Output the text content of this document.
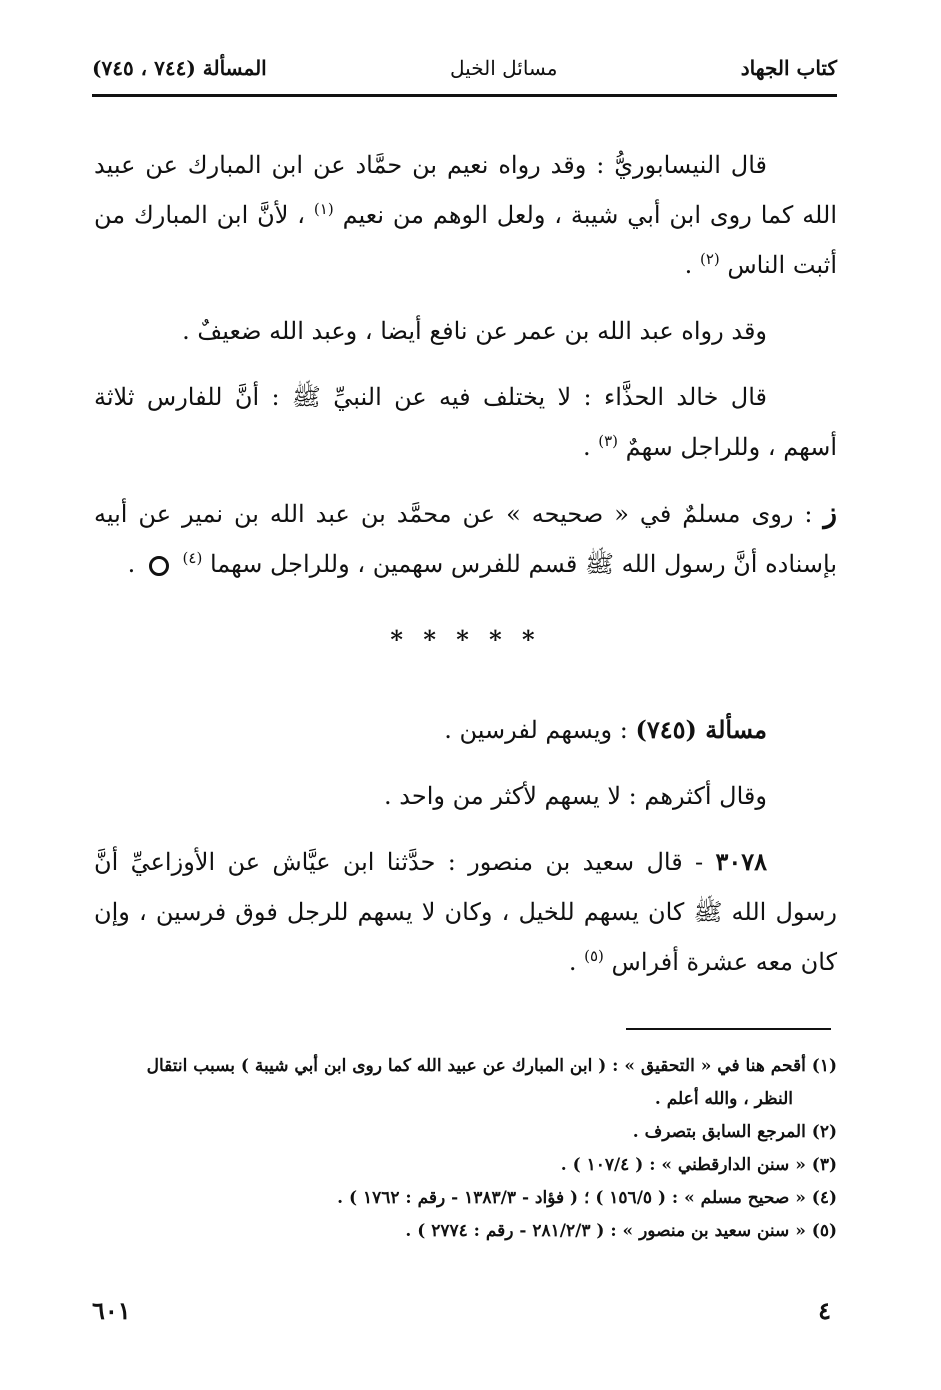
كتاب الجهاد
مسائل الخيل
المسألة (٧٤٤ ، ٧٤٥)

قال النيسابوريُّ : وقد رواه نعيم بن حمَّاد عن ابن المبارك عن عبيد الله كما روى ابن أبي شيبة ، ولعل الوهم من نعيم $^{(١)}$ ، لأنَّ ابن المبارك من أثبت الناس $^{(٢)}$ .

وقد رواه عبد الله بن عمر عن نافع أيضا ، وعبد الله ضعيفٌ .

قال خالد الحذَّاء : لا يختلف فيه عن النبيِّ ﷺ : أنَّ للفارس ثلاثة أسهم ، وللراجل سهمٌ $^{(٣)}$ .

ز : روى مسلمٌ في « صحيحه » عن محمَّد بن عبد الله بن نمير عن أبيه بإسناده أنَّ رسول الله ﷺ قسم للفرس سهمين ، وللراجل سهما $^{(٤)}$  .

* * * * *

مسألة (٧٤٥) : ويسهم لفرسين .

وقال أكثرهم : لا يسهم لأكثر من واحد .

٣٠٧٨ - قال سعيد بن منصور : حدَّثنا ابن عيَّاش عن الأوزاعيِّ أنَّ رسول الله ﷺ كان يسهم للخيل ، وكان لا يسهم للرجل فوق فرسين ، وإن كان معه عشرة أفراس $^{(٥)}$ .

(١) أقحم هنا في « التحقيق » : ( ابن المبارك عن عبيد الله كما روى ابن أبي شيبة ) بسبب انتقال
النظر ، والله أعلم .
(٢) المرجع السابق بتصرف .
(٣) « سنن الدارقطني » : ( ١٠٧/٤ ) .
(٤) « صحيح مسلم » : ( ١٥٦/٥ ) ؛ ( فؤاد - ١٣٨٣/٣ - رقم : ١٧٦٢ ) .
(٥) « سنن سعيد بن منصور » : ( ٢٨١/٢/٣ - رقم : ٢٧٧٤ ) .
٤
٦٠١
